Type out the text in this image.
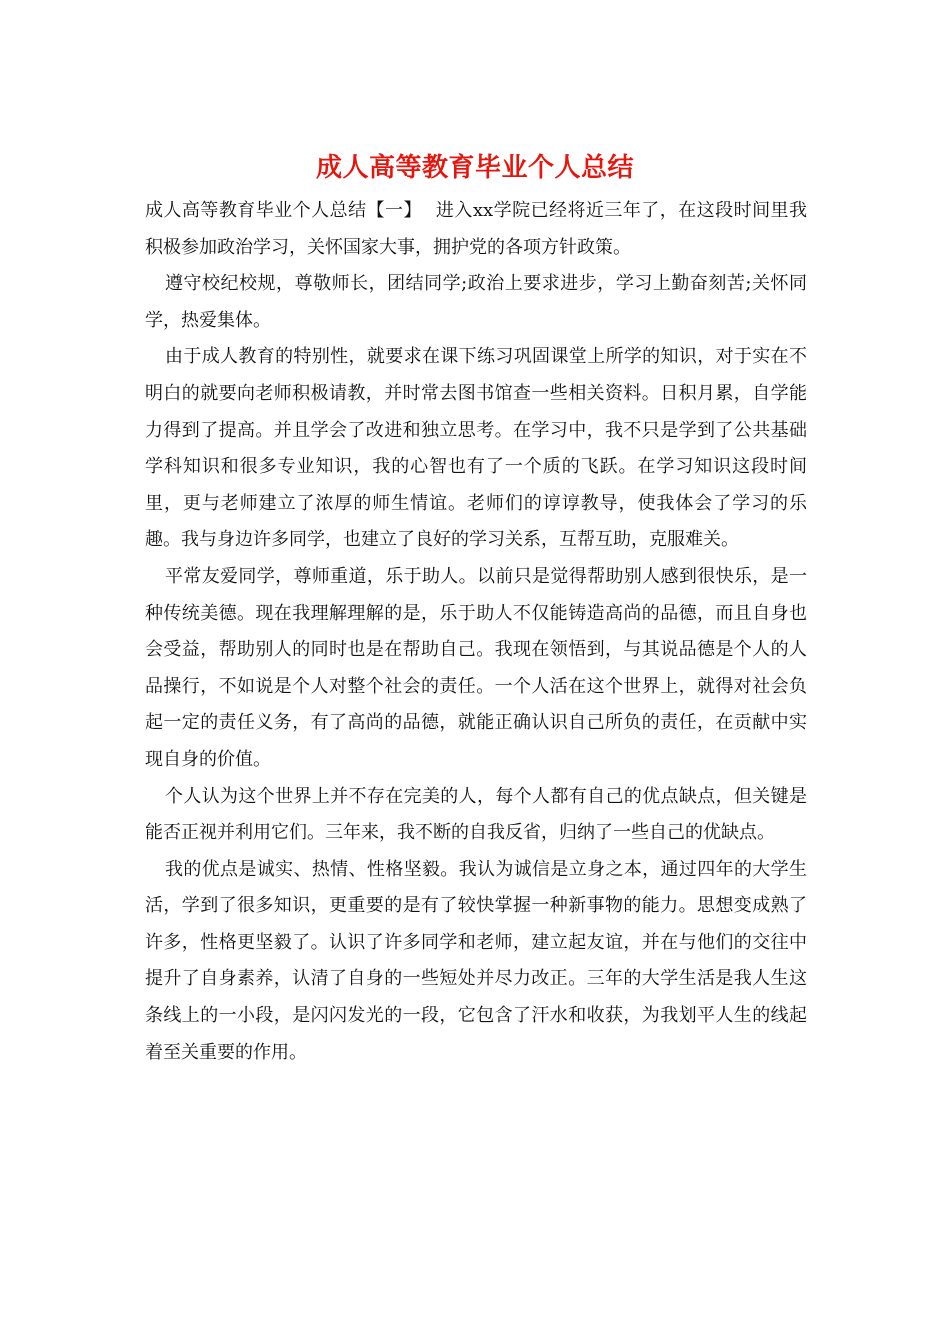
成人高等教育毕业个人总结

成人高等教育毕业个人总结【一】 进入xx学院已经将近三年了，在这段时间里我积极参加政治学习，关怀国家大事，拥护党的各项方针政策。

遵守校纪校规，尊敬师长，团结同学;政治上要求进步，学习上勤奋刻苦;关怀同学，热爱集体。

由于成人教育的特别性，就要求在课下练习巩固课堂上所学的知识，对于实在不明白的就要向老师积极请教，并时常去图书馆查一些相关资料。日积月累，自学能力得到了提高。并且学会了改进和独立思考。在学习中，我不只是学到了公共基础学科知识和很多专业知识，我的心智也有了一个质的飞跃。在学习知识这段时间里，更与老师建立了浓厚的师生情谊。老师们的谆谆教导，使我体会了学习的乐趣。我与身边许多同学，也建立了良好的学习关系，互帮互助，克服难关。

平常友爱同学，尊师重道，乐于助人。以前只是觉得帮助别人感到很快乐，是一种传统美德。现在我理解理解的是，乐于助人不仅能铸造高尚的品德，而且自身也会受益，帮助别人的同时也是在帮助自己。我现在领悟到，与其说品德是个人的人品操行，不如说是个人对整个社会的责任。一个人活在这个世界上，就得对社会负起一定的责任义务，有了高尚的品德，就能正确认识自己所负的责任，在贡献中实现自身的价值。

个人认为这个世界上并不存在完美的人，每个人都有自己的优点缺点，但关键是能否正视并利用它们。三年来，我不断的自我反省，归纳了一些自己的优缺点。

我的优点是诚实、热情、性格坚毅。我认为诚信是立身之本，通过四年的大学生活，学到了很多知识，更重要的是有了较快掌握一种新事物的能力。思想变成熟了许多，性格更坚毅了。认识了许多同学和老师，建立起友谊，并在与他们的交往中提升了自身素养，认清了自身的一些短处并尽力改正。三年的大学生活是我人生这条线上的一小段，是闪闪发光的一段，它包含了汗水和收获，为我划平人生的线起着至关重要的作用。
